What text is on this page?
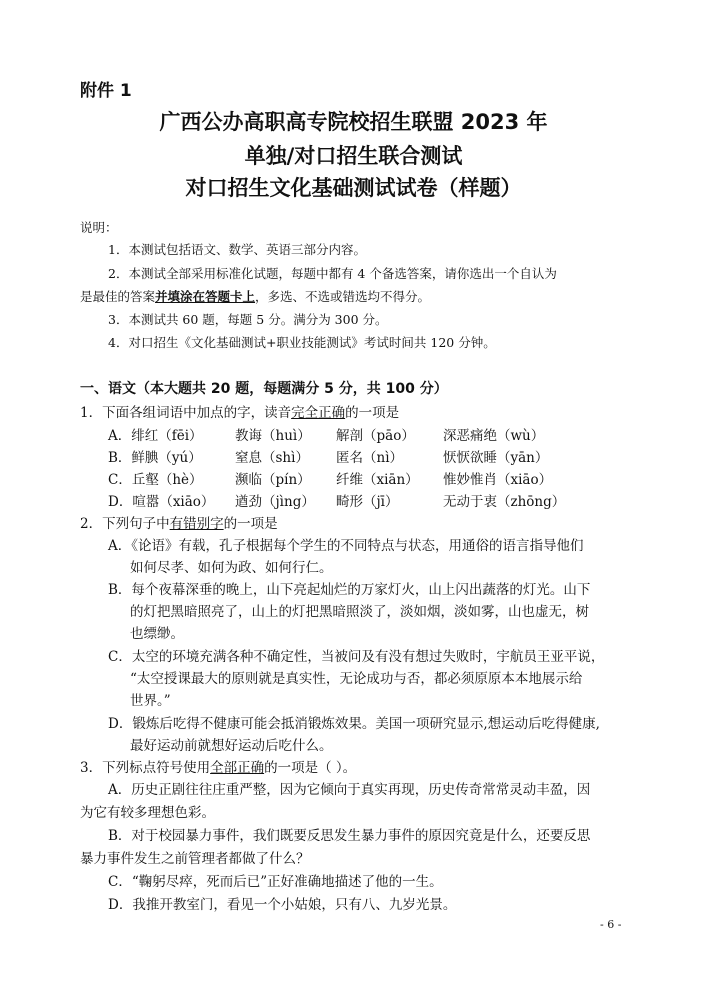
附件 1
广西公办高职高专院校招生联盟 2023 年
单独/对口招生联合测试
对口招生文化基础测试试卷（样题）
说明：
1．本测试包括语文、数学、英语三部分内容。
2．本测试全部采用标准化试题，每题中都有 4 个备选答案，请你选出一个自认为
是最佳的答案并填涂在答题卡上，多选、不选或错选均不得分。
3．本测试共 60 题，每题 5 分。满分为 300 分。
4．对口招生《文化基础测试+职业技能测试》考试时间共 120 分钟。
一、语文（本大题共 20 题，每题满分 5 分，共 100 分）
1．下面各组词语中加点的字，读音完全正确的一项是
A．绯红（fēi） 教诲（huì） 解剖（pāo） 深恶痛绝（wù）
B．鲜腆（yú） 窒息（shì） 匿名（nì）	恹恹欲睡（yān）
C．丘壑（hè） 濒临（pín） 纤维（xiān） 惟妙惟肖（xiāo）
D．喧嚣（xiāo） 遒劲（jìng） 畸形（jī）	无动于衷（zhōng）
2．下列句子中有错别字的一项是
A．《论语》有载，孔子根据每个学生的不同特点与状态，用通俗的语言指导他们
如何尽孝、如何为政、如何行仁。
B．每个夜幕深垂的晚上，山下亮起灿烂的万家灯火，山上闪出蔬落的灯光。山下
的灯把黑暗照亮了，山上的灯把黑暗照淡了，淡如烟，淡如雾，山也虚无，树
也缥缈。
C．太空的环境充满各种不确定性，当被问及有没有想过失败时，宇航员王亚平说，
“太空授课最大的原则就是真实性，无论成功与否，都必须原原本本地展示给
世界。”
D．锻炼后吃得不健康可能会抵消锻炼效果。美国一项研究显示,想运动后吃得健康,
最好运动前就想好运动后吃什么。
3．下列标点符号使用全部正确的一项是（ ）。
A．历史正剧往往庄重严整，因为它倾向于真实再现，历史传奇常常灵动丰盈，因
为它有较多理想色彩。
B．对于校园暴力事件，我们既要反思发生暴力事件的原因究竟是什么，还要反思
暴力事件发生之前管理者都做了什么？
C．“鞠躬尽瘁，死而后已”正好准确地描述了他的一生。
D．我推开教室门，看见一个小姑娘，只有八、九岁光景。
- 6 -
